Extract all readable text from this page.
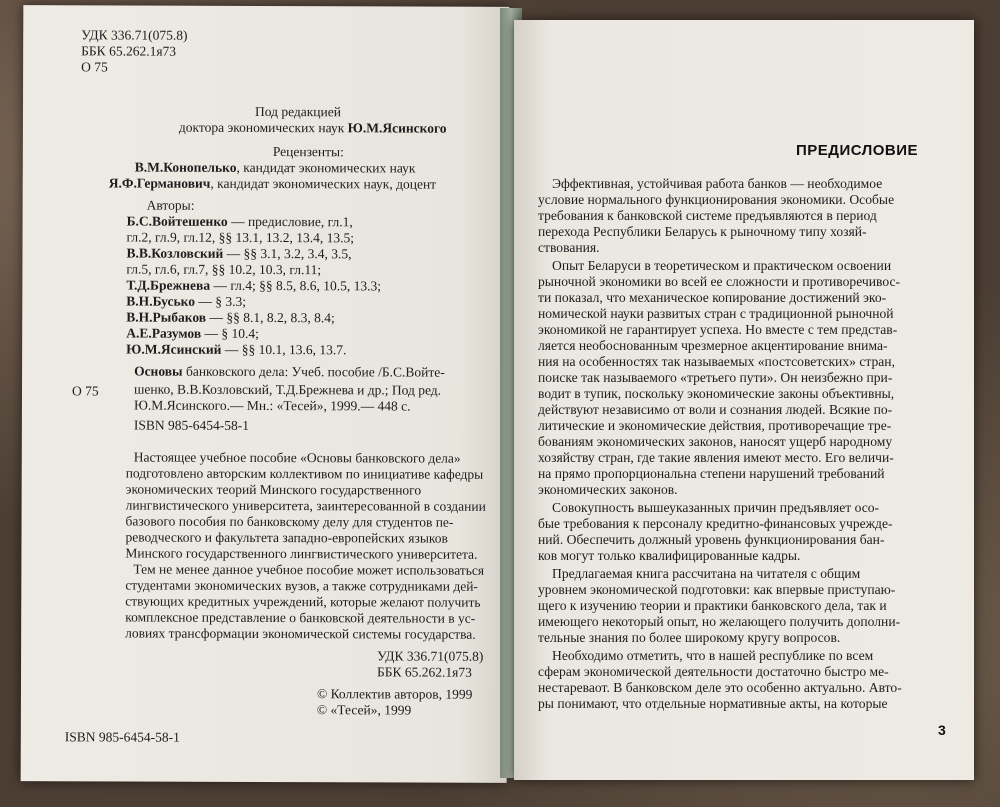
УДК 336.71(075.8)
ББК 65.262.1я73
О 75
Под редакцией
доктора экономических наук Ю.М.Ясинского
Рецензенты:
В.М.Конопелько, кандидат экономических наук
Я.Ф.Германович, кандидат экономических наук, доцент
Авторы:
Б.С.Войтешенко — предисловие, гл.1,
гл.2, гл.9, гл.12, §§ 13.1, 13.2, 13.4, 13.5;
В.В.Козловский — §§ 3.1, 3.2, 3.4, 3.5,
гл.5, гл.6, гл.7, §§ 10.2, 10.3, гл.11;
Т.Д.Брежнева — гл.4; §§ 8.5, 8.6, 10.5, 13.3;
В.Н.Бусько — § 3.3;
В.Н.Рыбаков — §§ 8.1, 8.2, 8.3, 8.4;
А.Е.Разумов — § 10.4;
Ю.М.Ясинский — §§ 10.1, 13.6, 13.7.
О 75
Основы банковского дела: Учеб. пособие /Б.С.Войте-
шенко, В.В.Козловский, Т.Д.Брежнева и др.; Под ред.
Ю.М.Ясинского.— Мн.: «Тесей», 1999.— 448 с.
ISBN 985-6454-58-1
Настоящее учебное пособие «Основы банковского дела»
подготовлено авторским коллективом по инициативе кафедры
экономических теорий Минского государственного
лингвистического университета, заинтересованной в создании
базового пособия по банковскому делу для студентов пе-
реводческого и факультета западно-европейских языков
Минского государственного лингвистического университета.
Тем не менее данное учебное пособие может использоваться
студентами экономических вузов, а также сотрудниками дей-
ствующих кредитных учреждений, которые желают получить
комплексное представление о банковской деятельности в ус-
ловиях трансформации экономической системы государства.
УДК 336.71(075.8)
ББК 65.262.1я73
© Коллектив авторов, 1999
© «Тесей», 1999
ISBN 985-6454-58-1
ПРЕДИСЛОВИЕ
Эффективная, устойчивая работа банков — необходимое
условие нормального функционирования экономики. Особые
требования к банковской системе предъявляются в период
перехода Республики Беларусь к рыночному типу хозяй-
ствования.
Опыт Беларуси в теоретическом и практическом освоении
рыночной экономики во всей ее сложности и противоречивос-
ти показал, что механическое копирование достижений эко-
номической науки развитых стран с традиционной рыночной
экономикой не гарантирует успеха. Но вместе с тем представ-
ляется необоснованным чрезмерное акцентирование внима-
ния на особенностях так называемых «постсоветских» стран,
поиске так называемого «третьего пути». Он неизбежно при-
водит в тупик, поскольку экономические законы объективны,
действуют независимо от воли и сознания людей. Всякие по-
литические и экономические действия, противоречащие тре-
бованиям экономических законов, наносят ущерб народному
хозяйству стран, где такие явления имеют место. Его величи-
на прямо пропорциональна степени нарушений требований
экономических законов.
Совокупность вышеуказанных причин предъявляет осо-
бые требования к персоналу кредитно-финансовых учрежде-
ний. Обеспечить должный уровень функционирования бан-
ков могут только квалифицированные кадры.
Предлагаемая книга рассчитана на читателя с общим
уровнем экономической подготовки: как впервые приступаю-
щего к изучению теории и практики банковского дела, так и
имеющего некоторый опыт, но желающего получить дополни-
тельные знания по более широкому кругу вопросов.
Необходимо отметить, что в нашей республике по всем
сферам экономической деятельности достаточно быстро ме-
нестареваот. В банковском деле это особенно актуально. Авто-
ры понимают, что отдельные нормативные акты, на которые
3
